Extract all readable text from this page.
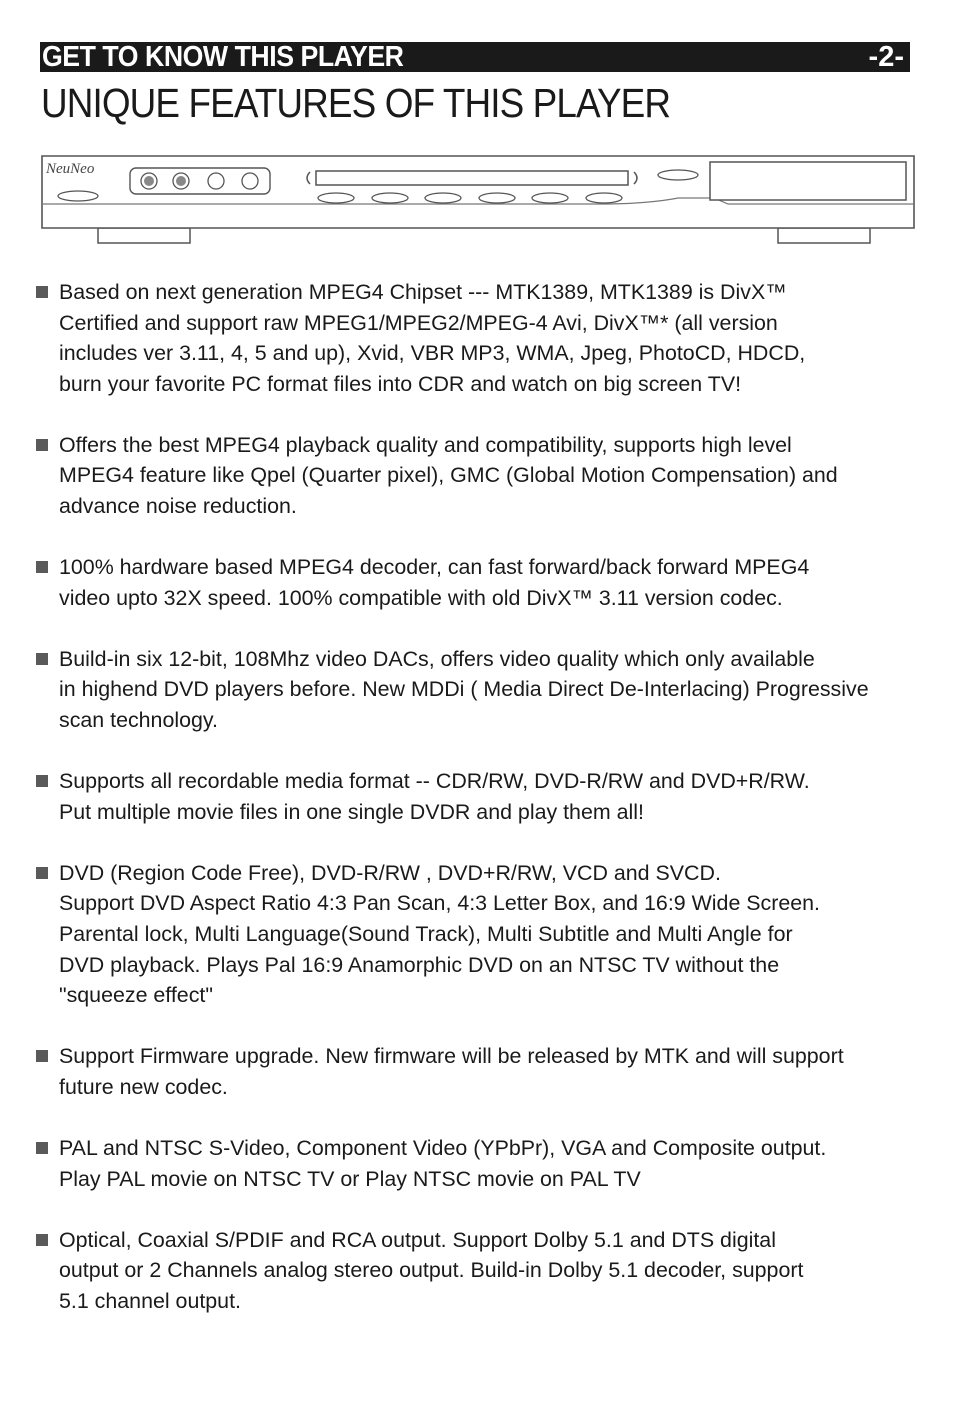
GET TO KNOW THIS PLAYER	-2-
UNIQUE FEATURES OF THIS PLAYER
NeuNeo
Based on next generation MPEG4 Chipset --- MTK1389, MTK1389 is DivX™
Certified and support raw MPEG1/MPEG2/MPEG-4 Avi, DivX™* (all version
includes ver 3.11, 4, 5 and up), Xvid, VBR MP3, WMA, Jpeg, PhotoCD, HDCD,
burn your favorite PC format files into CDR and watch on big screen TV!
Offers the best MPEG4 playback quality and compatibility, supports high level
MPEG4 feature like Qpel (Quarter pixel), GMC (Global Motion Compensation) and
advance noise reduction.
100% hardware based MPEG4 decoder, can fast forward/back forward MPEG4
video upto 32X speed. 100% compatible with old DivX™ 3.11 version codec.
Build-in six 12-bit, 108Mhz video DACs, offers video quality which only available
in highend DVD players before. New MDDi ( Media Direct De-Interlacing) Progressive
scan technology.
Supports all recordable media format -- CDR/RW, DVD-R/RW and DVD+R/RW.
Put multiple movie files in one single DVDR and play them all!
DVD (Region Code Free), DVD-R/RW , DVD+R/RW, VCD and SVCD.
Support DVD Aspect Ratio 4:3 Pan Scan, 4:3 Letter Box, and 16:9 Wide Screen.
Parental lock, Multi Language(Sound Track), Multi Subtitle and Multi Angle for
DVD playback. Plays Pal 16:9 Anamorphic DVD on an NTSC TV without the
"squeeze effect"
Support Firmware upgrade. New firmware will be released by MTK and will support
future new codec.
PAL and NTSC S-Video, Component Video (YPbPr), VGA and Composite output.
Play PAL movie on NTSC TV or Play NTSC movie on PAL TV
Optical, Coaxial S/PDIF and RCA output. Support Dolby 5.1 and DTS digital
output or 2 Channels analog stereo output. Build-in Dolby 5.1 decoder, support
5.1 channel output.
